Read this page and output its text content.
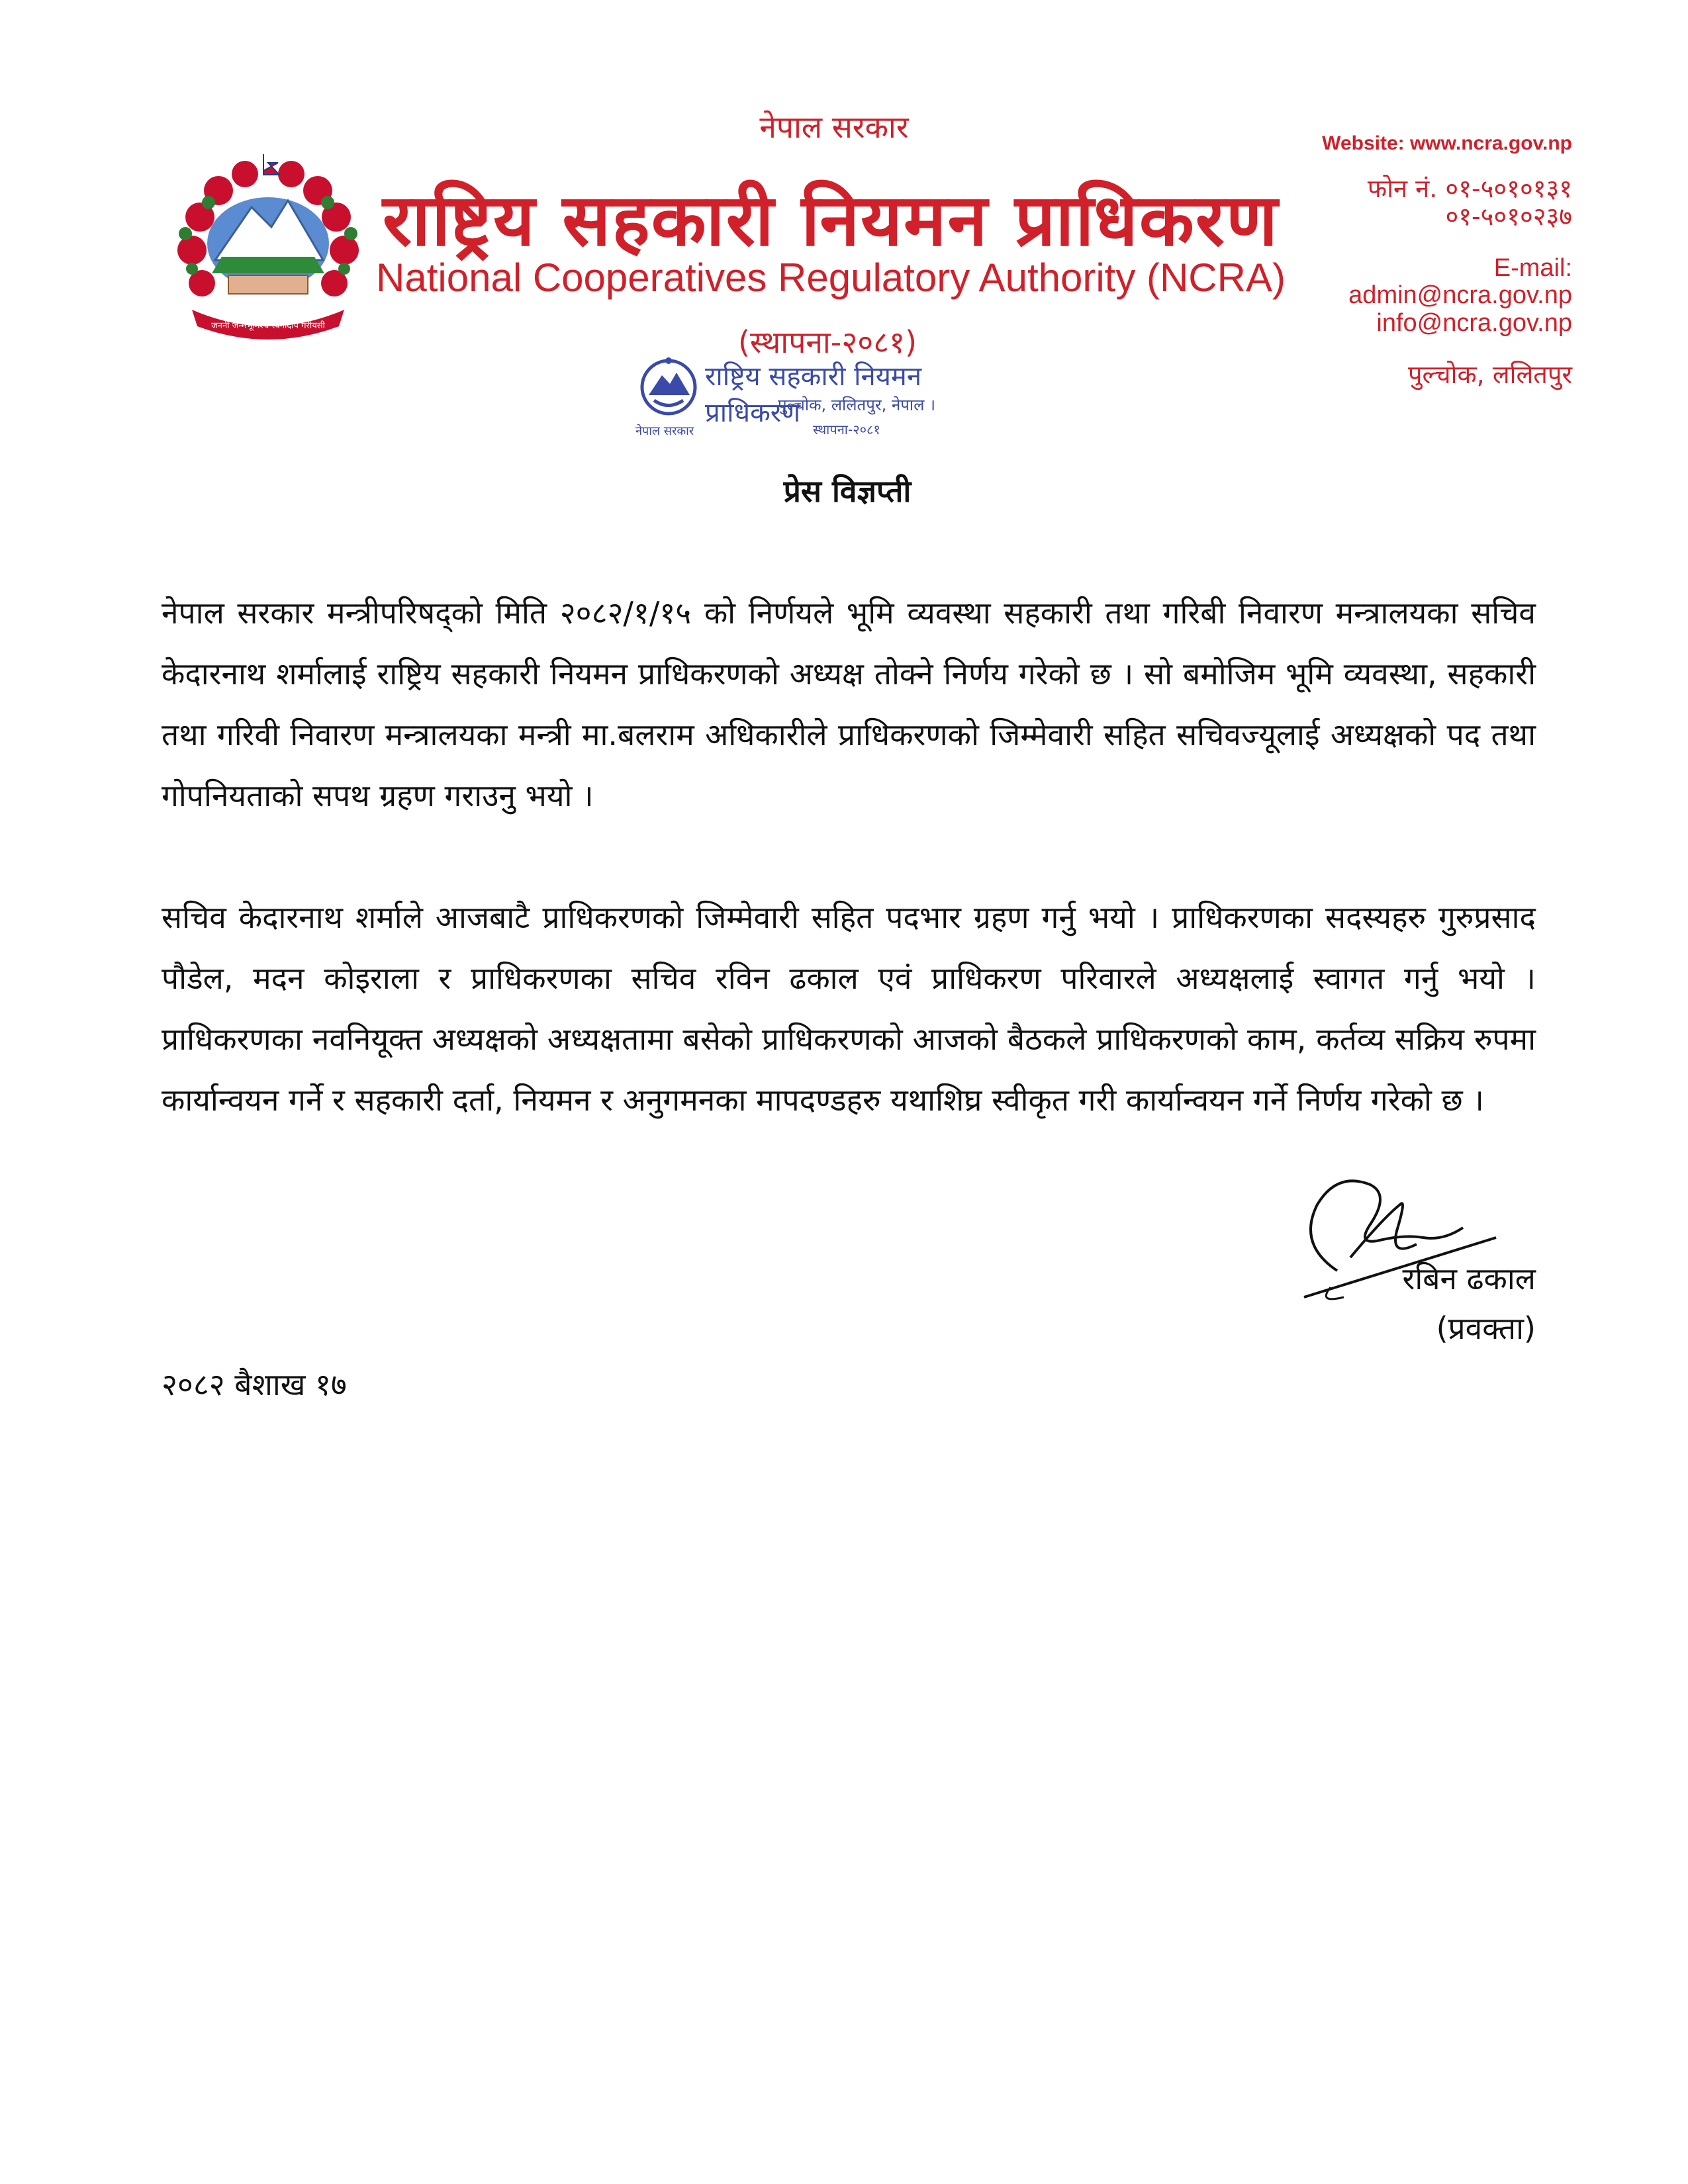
नेपाल सरकार
जननी जन्मभूमिश्च स्वर्गादपि गरीयसी
राष्ट्रिय सहकारी नियमन प्राधिकरण
National Cooperatives Regulatory Authority (NCRA)
(स्थापना-२०८१)
नेपाल सरकार
राष्ट्रिय सहकारी नियमन प्राधिकरण
पुल्चोक, ललितपुर, नेपाल ।
स्थापना-२०८१
Website: www.ncra.gov.np
फोन नं. ०१-५०१०१३१
०१-५०१०२३७
E-mail:
admin@ncra.gov.np
info@ncra.gov.np
पुल्चोक, ललितपुर
प्रेस विज्ञप्ती
नेपाल सरकार मन्त्रीपरिषद्को मिति २०८२/१/१५ को निर्णयले भूमि व्यवस्था सहकारी तथा गरिबी निवारण मन्त्रालयका सचिव केदारनाथ शर्मालाई राष्ट्रिय सहकारी नियमन प्राधिकरणको अध्यक्ष तोक्ने निर्णय गरेको छ । सो बमोजिम भूमि व्यवस्था, सहकारी तथा गरिवी निवारण मन्त्रालयका मन्त्री मा.बलराम अधिकारीले प्राधिकरणको जिम्मेवारी सहित सचिवज्यूलाई अध्यक्षको पद तथा गोपनियताको सपथ ग्रहण गराउनु भयो ।
सचिव केदारनाथ शर्माले आजबाटै प्राधिकरणको जिम्मेवारी सहित पदभार ग्रहण गर्नु भयो । प्राधिकरणका सदस्यहरु गुरुप्रसाद पौडेल, मदन कोइराला र प्राधिकरणका सचिव रविन ढकाल एवं प्राधिकरण परिवारले अध्यक्षलाई स्वागत गर्नु भयो । प्राधिकरणका नवनियूक्त अध्यक्षको अध्यक्षतामा बसेको प्राधिकरणको आजको बैठकले प्राधिकरणको काम, कर्तव्य सक्रिय रुपमा कार्यान्वयन गर्ने र सहकारी दर्ता, नियमन र अनुगमनका मापदण्डहरु यथाशिघ्र स्वीकृत गरी कार्यान्वयन गर्ने निर्णय गरेको छ ।
रबिन ढकाल
(प्रवक्ता)
२०८२ बैशाख १७
